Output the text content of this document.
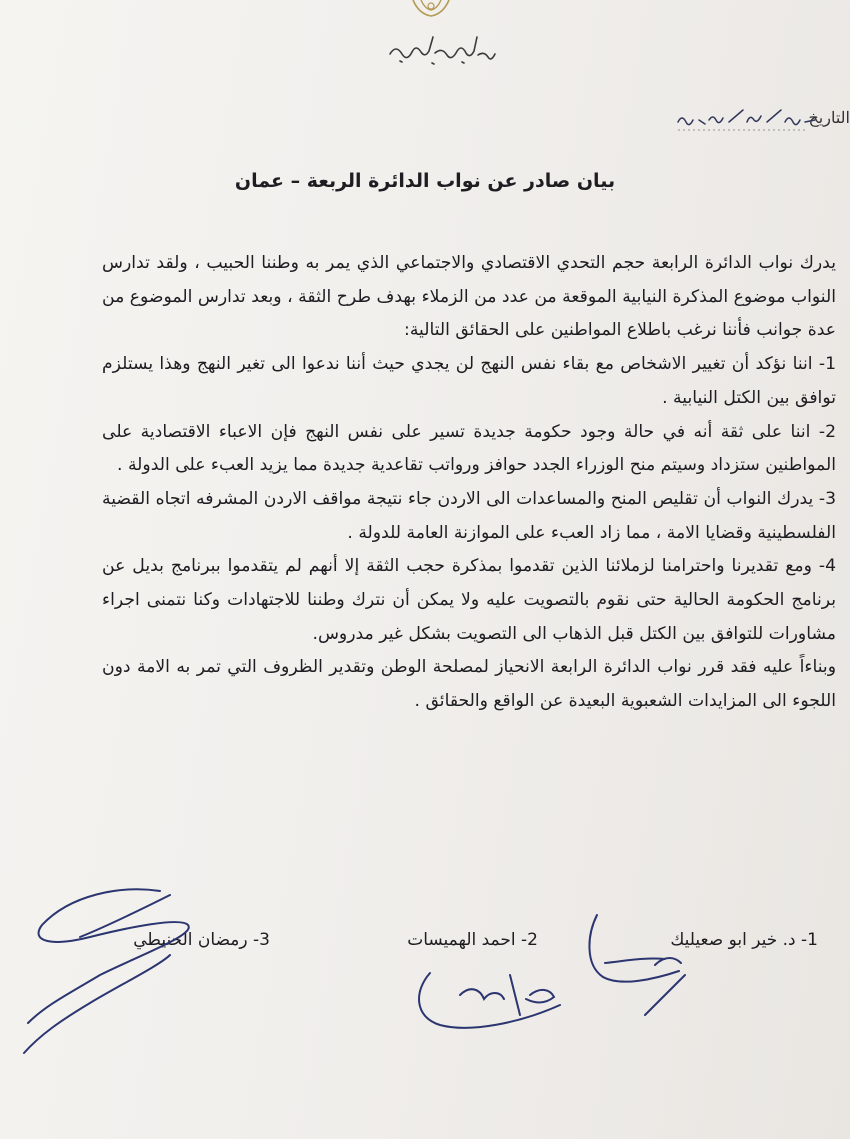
مجلس النواب
التاريخ
بيان صادر عن نواب الدائرة الربعة – عمان

يدرك نواب الدائرة الرابعة حجم التحدي الاقتصادي والاجتماعي الذي يمر به وطننا الحبيب ، ولقد تدارس النواب موضوع المذكرة النيابية الموقعة من عدد من الزملاء بهدف طرح الثقة ، وبعد تدارس الموضوع من عدة جوانب فأننا نرغب باطلاع المواطنين على الحقائق التالية:

1- اننا نؤكد أن تغيير الاشخاص مع بقاء نفس النهج لن يجدي حيث أننا ندعوا الى تغير النهج وهذا يستلزم توافق بين الكتل النيابية .

2- اننا على ثقة أنه في حالة وجود حكومة جديدة تسير على نفس النهج فإن الاعباء الاقتصادية على المواطنين ستزداد وسيتم منح الوزراء الجدد حوافز ورواتب تقاعدية جديدة مما يزيد العبء على الدولة .

3- يدرك النواب أن تقليص المنح والمساعدات الى الاردن جاء نتيجة مواقف الاردن المشرفه اتجاه القضية الفلسطينية وقضايا الامة ، مما زاد العبء على الموازنة العامة للدولة .

4- ومع تقديرنا واحترامنا لزملائنا الذين تقدموا بمذكرة حجب الثقة إلا أنهم لم يتقدموا ببرنامج بديل عن برنامج الحكومة الحالية حتى نقوم بالتصويت عليه ولا يمكن أن نترك وطننا للاجتهادات وكنا نتمنى اجراء مشاورات للتوافق بين الكتل قبل الذهاب الى التصويت بشكل غير مدروس.

وبناءاً عليه فقد قرر نواب الدائرة الرابعة الانحياز لمصلحة الوطن وتقدير الظروف التي تمر به الامة دون اللجوء الى المزايدات الشعبوية البعيدة عن الواقع والحقائق .

1- د. خير ابو صعيليك
2- احمد الهميسات
3- رمضان الحنيطي
